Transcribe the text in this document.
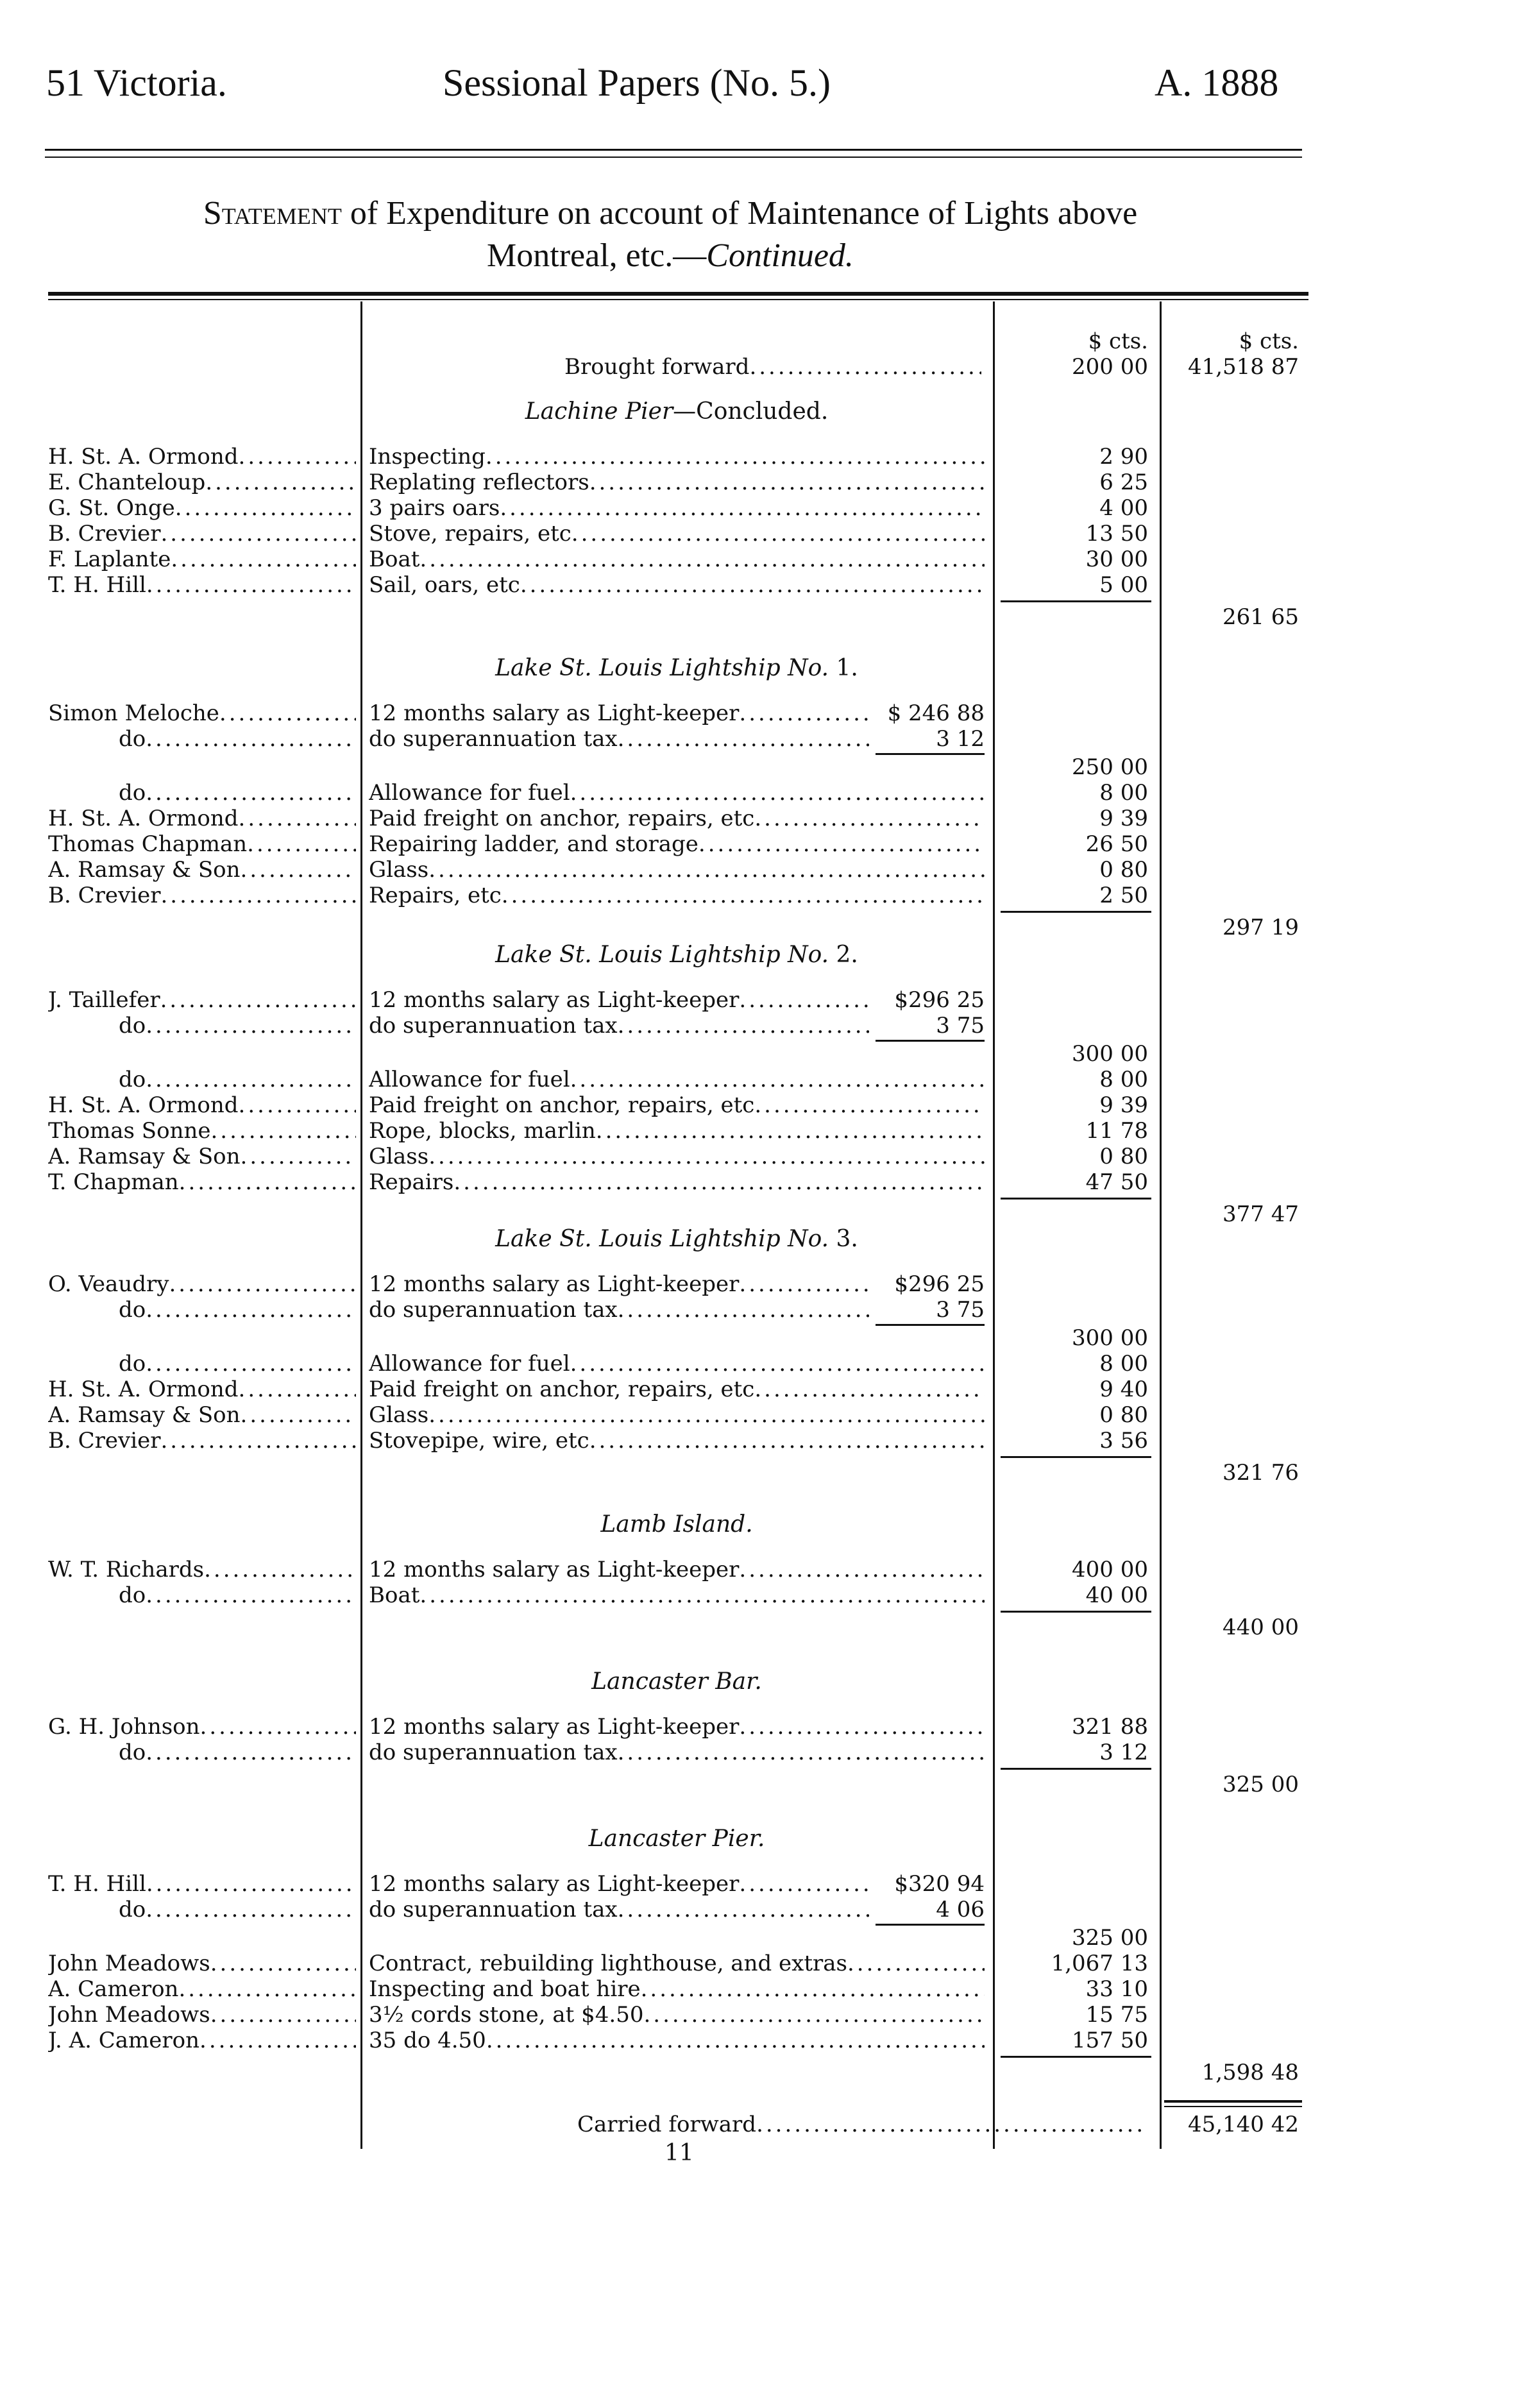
51 Victoria.	Sessional Papers (No. 5.)	A. 1888
Statement of Expenditure on account of Maintenance of Lights above
Montreal, etc.—Continued.
$ cts.	$ cts.
Brought forward .....	200 00	41,518 87
Lachine Pier—Concluded.
H. St. A. Ormond .....	Inspecting .....	2 90
E. Chanteloup .....	Replating reflectors .....	6 25
G. St. Onge .....	3 pairs oars .....	4 00
B. Crevier .....	Stove, repairs, etc .....	13 50
F. Laplante .....	Boat .....	30 00
T. H. Hill .....	Sail, oars, etc .....	5 00
261 65
Lake St. Louis Lightship No. 1.
Simon Meloche .....	12 months salary as Light-keeper .....	$ 246 88
do .....	do superannuation tax .....	3 12
250 00
do .....	Allowance for fuel .....	8 00
H. St. A. Ormond .....	Paid freight on anchor, repairs, etc .....	9 39
Thomas Chapman .....	Repairing ladder, and storage .....	26 50
A. Ramsay & Son .....	Glass .....	0 80
B. Crevier .....	Repairs, etc .....	2 50
297 19
Lake St. Louis Lightship No. 2.
J. Taillefer .....	12 months salary as Light-keeper .....	$296 25
do .....	do superannuation tax .....	3 75
300 00
do .....	Allowance for fuel .....	8 00
H. St. A. Ormond .....	Paid freight on anchor, repairs, etc .....	9 39
Thomas Sonne .....	Rope, blocks, marlin .....	11 78
A. Ramsay & Son .....	Glass .....	0 80
T. Chapman .....	Repairs .....	47 50
377 47
Lake St. Louis Lightship No. 3.
O. Veaudry .....	12 months salary as Light-keeper .....	$296 25
do .....	do superannuation tax .....	3 75
300 00
do .....	Allowance for fuel .....	8 00
H. St. A. Ormond .....	Paid freight on anchor, repairs, etc .....	9 40
A. Ramsay & Son .....	Glass .....	0 80
B. Crevier .....	Stovepipe, wire, etc .....	3 56
321 76
Lamb Island.
W. T. Richards .....	12 months salary as Light-keeper .....	400 00
do .....	Boat .....	40 00
440 00
Lancaster Bar.
G. H. Johnson .....	12 months salary as Light-keeper .....	321 88
do .....	do superannuation tax .....	3 12
325 00
Lancaster Pier.
T. H. Hill .....	12 months salary as Light-keeper .....	$320 94
do .....	do superannuation tax .....	4 06
325 00
John Meadows .....	Contract, rebuilding lighthouse, and extras .....	1,067 13
A. Cameron .....	Inspecting and boat hire .....	33 10
John Meadows .....	3½ cords stone, at $4.50 .....	15 75
J. A. Cameron .....	35 do 4.50 .....	157 50
1,598 48
Carried forward .....	45,140 42
11
